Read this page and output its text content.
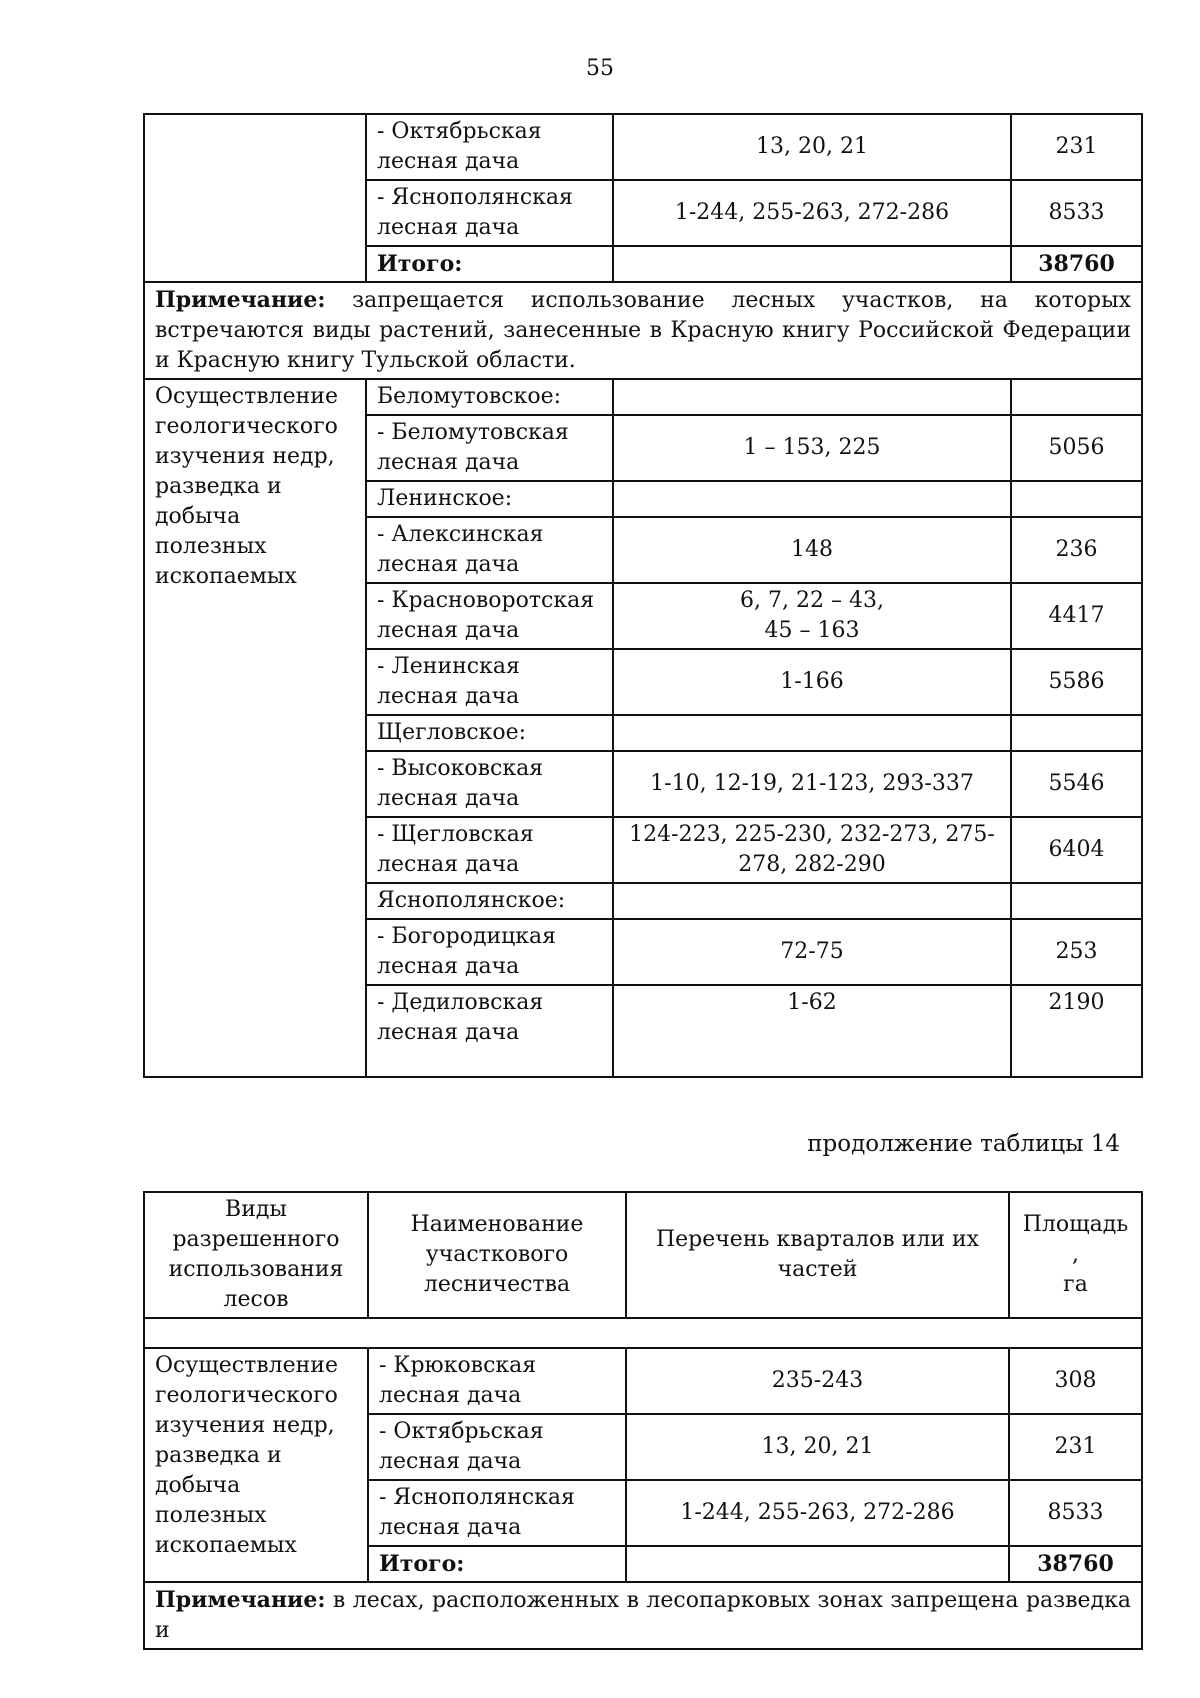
55
	- Октябрьская лесная дача	13, 20, 21	231
	- Яснополянская лесная дача	1-244, 255-263, 272-286	8533
	Итого:		38760
Примечание: запрещается использование лесных участков, на которых встречаются виды растений, занесенные в Красную книгу Российской Федерации и Красную книгу Тульской области.			
Осуществление геологического изучения недр, разведка и добыча полезных ископаемых	Беломутовское:		
	- Беломутовская лесная дача	1 – 153, 225	5056
	Ленинское:		
	- Алексинская лесная дача	148	236
	- Красноворотская лесная дача	6, 7, 22 – 43,
45 – 163	4417
	- Ленинская лесная дача	1-166	5586
	Щегловское:		
	- Высоковская лесная дача	1-10, 12-19, 21-123, 293-337	5546
	- Щегловская лесная дача	124-223, 225-230, 232-273, 275-278, 282-290	6404
	Яснополянское:		
	- Богородицкая лесная дача	72-75	253
	- Дедиловская лесная дача	1-62	2190

продолжение таблицы 14
Виды разрешенного использования лесов	Наименование участкового лесничества	Перечень кварталов или их частей	Площадь
,
га

Осуществление геологического изучения недр, разведка и добыча полезных ископаемых	- Крюковская лесная дача	235-243	308
	- Октябрьская лесная дача	13, 20, 21	231
	- Яснополянская лесная дача	1-244, 255-263, 272-286	8533
	Итого:		38760
Примечание: в лесах, расположенных в лесопарковых зонах запрещена разведка и			
